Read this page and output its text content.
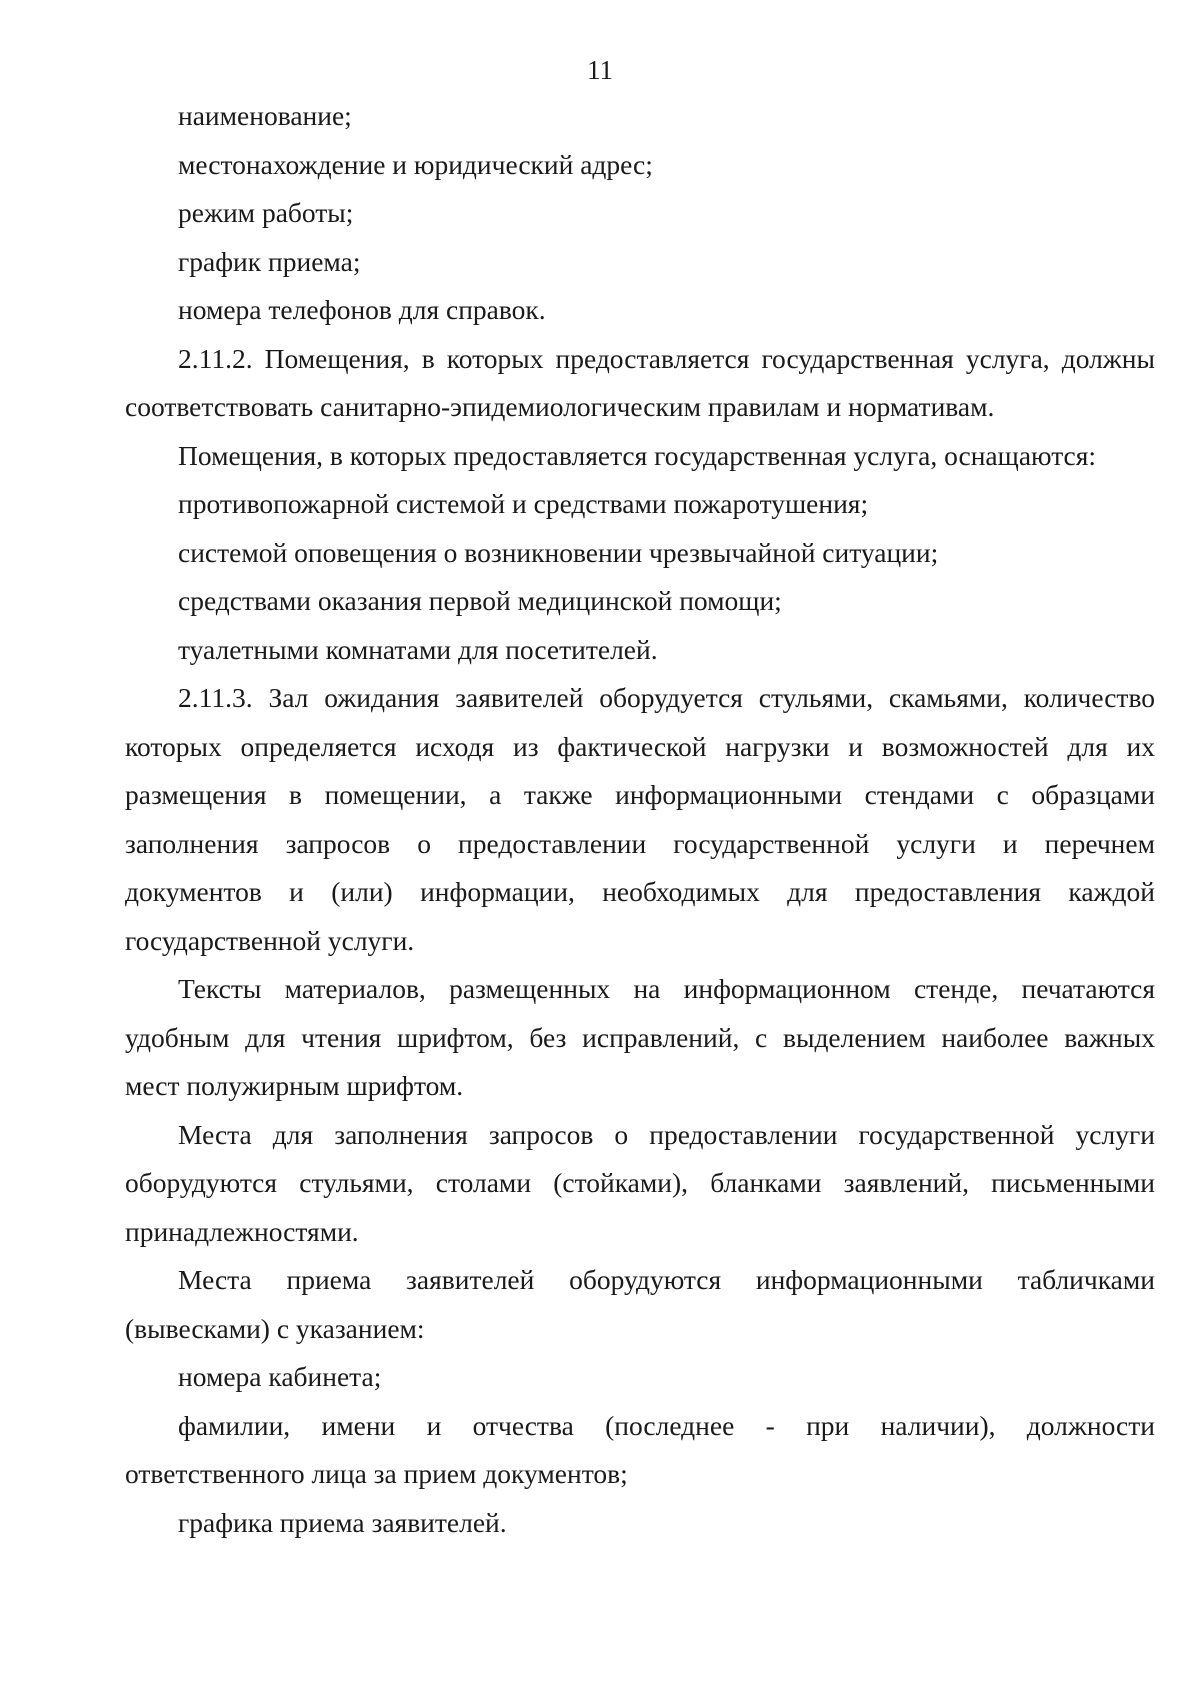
11
наименование;
местонахождение и юридический адрес;
режим работы;
график приема;
номера телефонов для справок.
2.11.2. Помещения, в которых предоставляется государственная услуга, должны
соответствовать санитарно-эпидемиологическим правилам и нормативам.
Помещения, в которых предоставляется государственная услуга, оснащаются:
противопожарной системой и средствами пожаротушения;
системой оповещения о возникновении чрезвычайной ситуации;
средствами оказания первой медицинской помощи;
туалетными комнатами для посетителей.
2.11.3. Зал ожидания заявителей оборудуется стульями, скамьями, количество
которых определяется исходя из фактической нагрузки и возможностей для их
размещения в помещении, а также информационными стендами с образцами
заполнения запросов о предоставлении государственной услуги и перечнем
документов и (или) информации, необходимых для предоставления каждой
государственной услуги.
Тексты материалов, размещенных на информационном стенде, печатаются
удобным для чтения шрифтом, без исправлений, с выделением наиболее важных
мест полужирным шрифтом.
Места для заполнения запросов о предоставлении государственной услуги
оборудуются стульями, столами (стойками), бланками заявлений, письменными
принадлежностями.
Места приема заявителей оборудуются информационными табличками
(вывесками) с указанием:
номера кабинета;
фамилии, имени и отчества (последнее - при наличии), должности
ответственного лица за прием документов;
графика приема заявителей.
